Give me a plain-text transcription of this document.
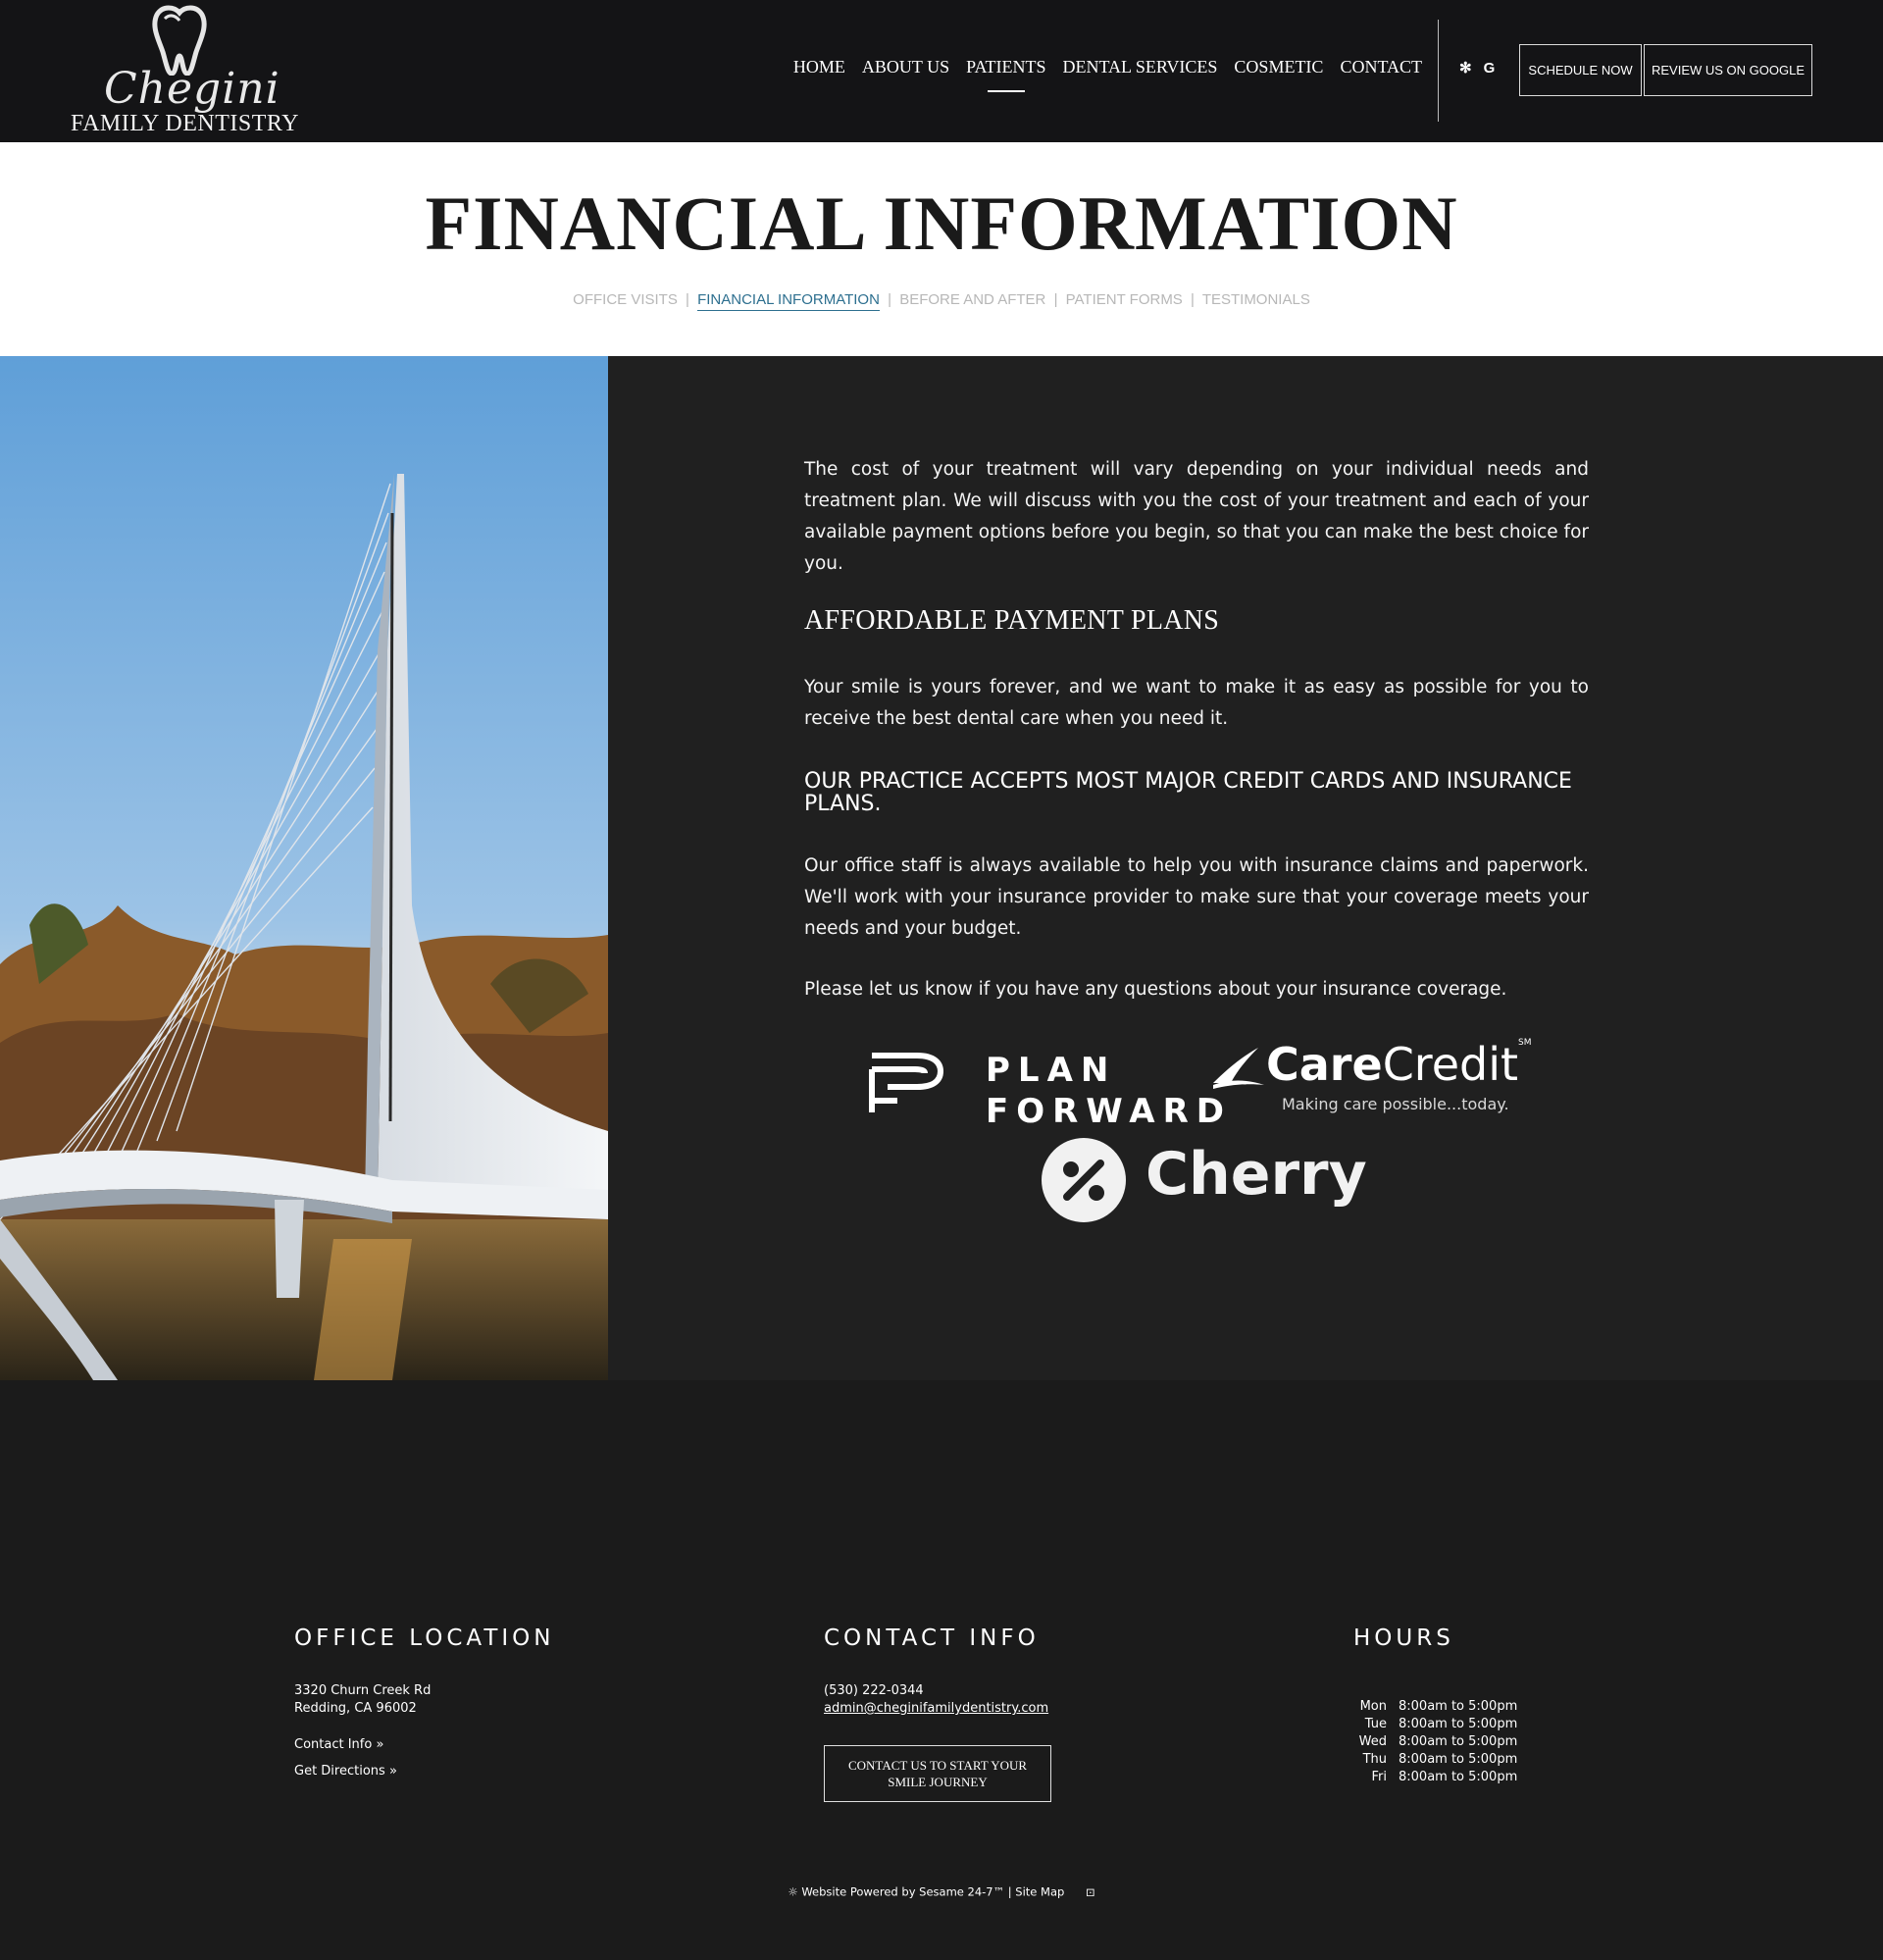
Chegini
FAMILY DENTISTRY
HOME ABOUT US PATIENTS DENTAL SERVICES COSMETIC CONTACT	✻ G	SCHEDULE NOW	REVIEW US ON GOOGLE
FINANCIAL INFORMATION
OFFICE VISITS | FINANCIAL INFORMATION | BEFORE AND AFTER | PATIENT FORMS | TESTIMONIALS

The cost of your treatment will vary depending on your individual needs and treatment plan. We will discuss with you the cost of your treatment and each of your available payment options before you begin, so that you can make the best choice for you.

AFFORDABLE PAYMENT PLANS

Your smile is yours forever, and we want to make it as easy as possible for you to receive the best dental care when you need it.

OUR PRACTICE ACCEPTS MOST MAJOR CREDIT CARDS AND INSURANCE PLANS.

Our office staff is always available to help you with insurance claims and paperwork. We'll work with your insurance provider to make sure that your coverage meets your needs and your budget.

Please let us know if you have any questions about your insurance coverage.

PLAN
FORWARD
CareCredit℠
Making care possible...today.
Cherry
OFFICE LOCATION
3320 Churn Creek Rd
Redding, CA 96002
Contact Info »
Get Directions »
CONTACT INFO
(530) 222-0344
admin@cheginifamilydentistry.com
CONTACT US TO START YOUR SMILE JOURNEY
HOURS
Mon	8:00am to 5:00pm
Tue	8:00am to 5:00pm
Wed	8:00am to 5:00pm
Thu	8:00am to 5:00pm
Fri	8:00am to 5:00pm
☼ Website Powered by Sesame 24-7™ | Site Map ⊡
